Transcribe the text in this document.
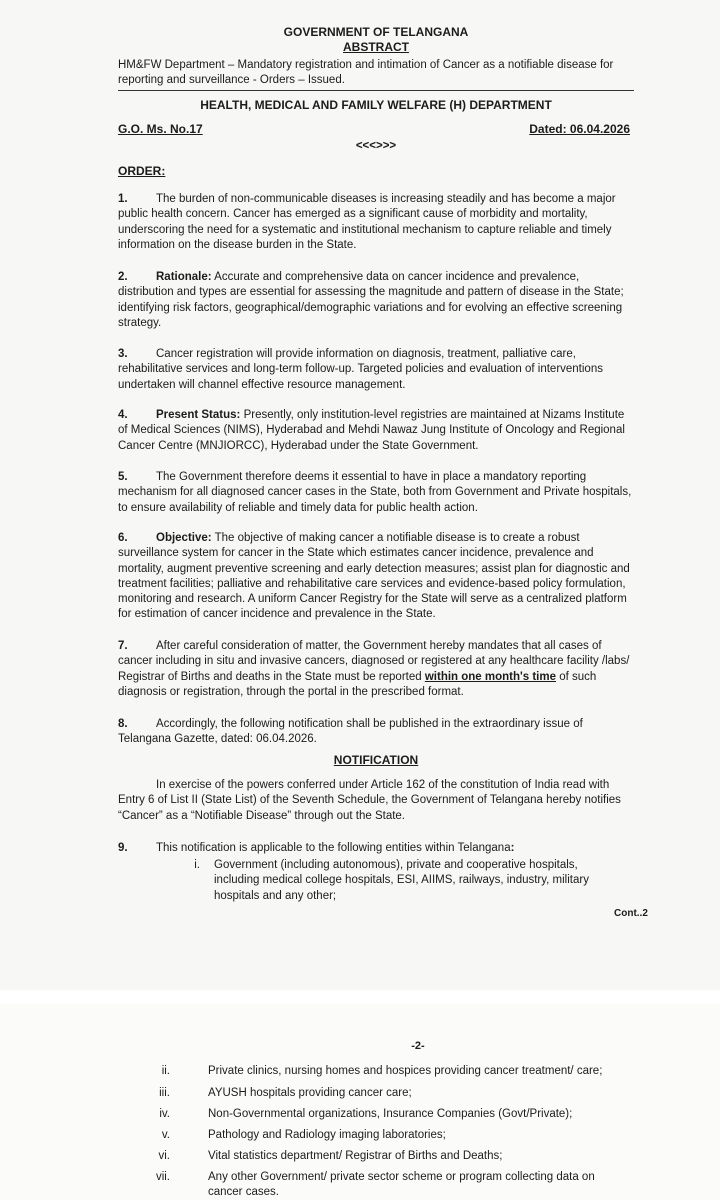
GOVERNMENT OF TELANGANA
ABSTRACT
HM&FW Department – Mandatory registration and intimation of Cancer as a notifiable disease for
reporting and surveillance - Orders – Issued.
HEALTH, MEDICAL AND FAMILY WELFARE (H) DEPARTMENT
G.O. Ms. No.17	Dated: 06.04.2026
<<<>>>
ORDER:
1. The burden of non-communicable diseases is increasing steadily and has become a major
public health concern. Cancer has emerged as a significant cause of morbidity and mortality,
underscoring the need for a systematic and institutional mechanism to capture reliable and timely
information on the disease burden in the State.
2. Rationale: Accurate and comprehensive data on cancer incidence and prevalence,
distribution and types are essential for assessing the magnitude and pattern of disease in the State;
identifying risk factors, geographical/demographic variations and for evolving an effective screening
strategy.
3. Cancer registration will provide information on diagnosis, treatment, palliative care,
rehabilitative services and long-term follow-up. Targeted policies and evaluation of interventions
undertaken will channel effective resource management.
4. Present Status: Presently, only institution-level registries are maintained at Nizams Institute
of Medical Sciences (NIMS), Hyderabad and Mehdi Nawaz Jung Institute of Oncology and Regional
Cancer Centre (MNJIORCC), Hyderabad under the State Government.
5. The Government therefore deems it essential to have in place a mandatory reporting
mechanism for all diagnosed cancer cases in the State, both from Government and Private hospitals,
to ensure availability of reliable and timely data for public health action.
6. Objective: The objective of making cancer a notifiable disease is to create a robust
surveillance system for cancer in the State which estimates cancer incidence, prevalence and
mortality, augment preventive screening and early detection measures; assist plan for diagnostic and
treatment facilities; palliative and rehabilitative care services and evidence-based policy formulation,
monitoring and research. A uniform Cancer Registry for the State will serve as a centralized platform
for estimation of cancer incidence and prevalence in the State.
7. After careful consideration of matter, the Government hereby mandates that all cases of
cancer including in situ and invasive cancers, diagnosed or registered at any healthcare facility /labs/
Registrar of Births and deaths in the State must be reported within one month's time of such
diagnosis or registration, through the portal in the prescribed format.
8. Accordingly, the following notification shall be published in the extraordinary issue of
Telangana Gazette, dated: 06.04.2026.
NOTIFICATION
In exercise of the powers conferred under Article 162 of the constitution of India read with
Entry 6 of List II (State List) of the Seventh Schedule, the Government of Telangana hereby notifies
“Cancer” as a “Notifiable Disease” through out the State.
9. This notification is applicable to the following entities within Telangana:
i. Government (including autonomous), private and cooperative hospitals,
including medical college hospitals, ESI, AIIMS, railways, industry, military
hospitals and any other;
Cont..2
-2-
ii.	Private clinics, nursing homes and hospices providing cancer treatment/ care;
iii.	AYUSH hospitals providing cancer care;
iv.	Non-Governmental organizations, Insurance Companies (Govt/Private);
v.	Pathology and Radiology imaging laboratories;
vi.	Vital statistics department/ Registrar of Births and Deaths;
vii.	Any other Government/ private sector scheme or program collecting data on
cancer cases.
